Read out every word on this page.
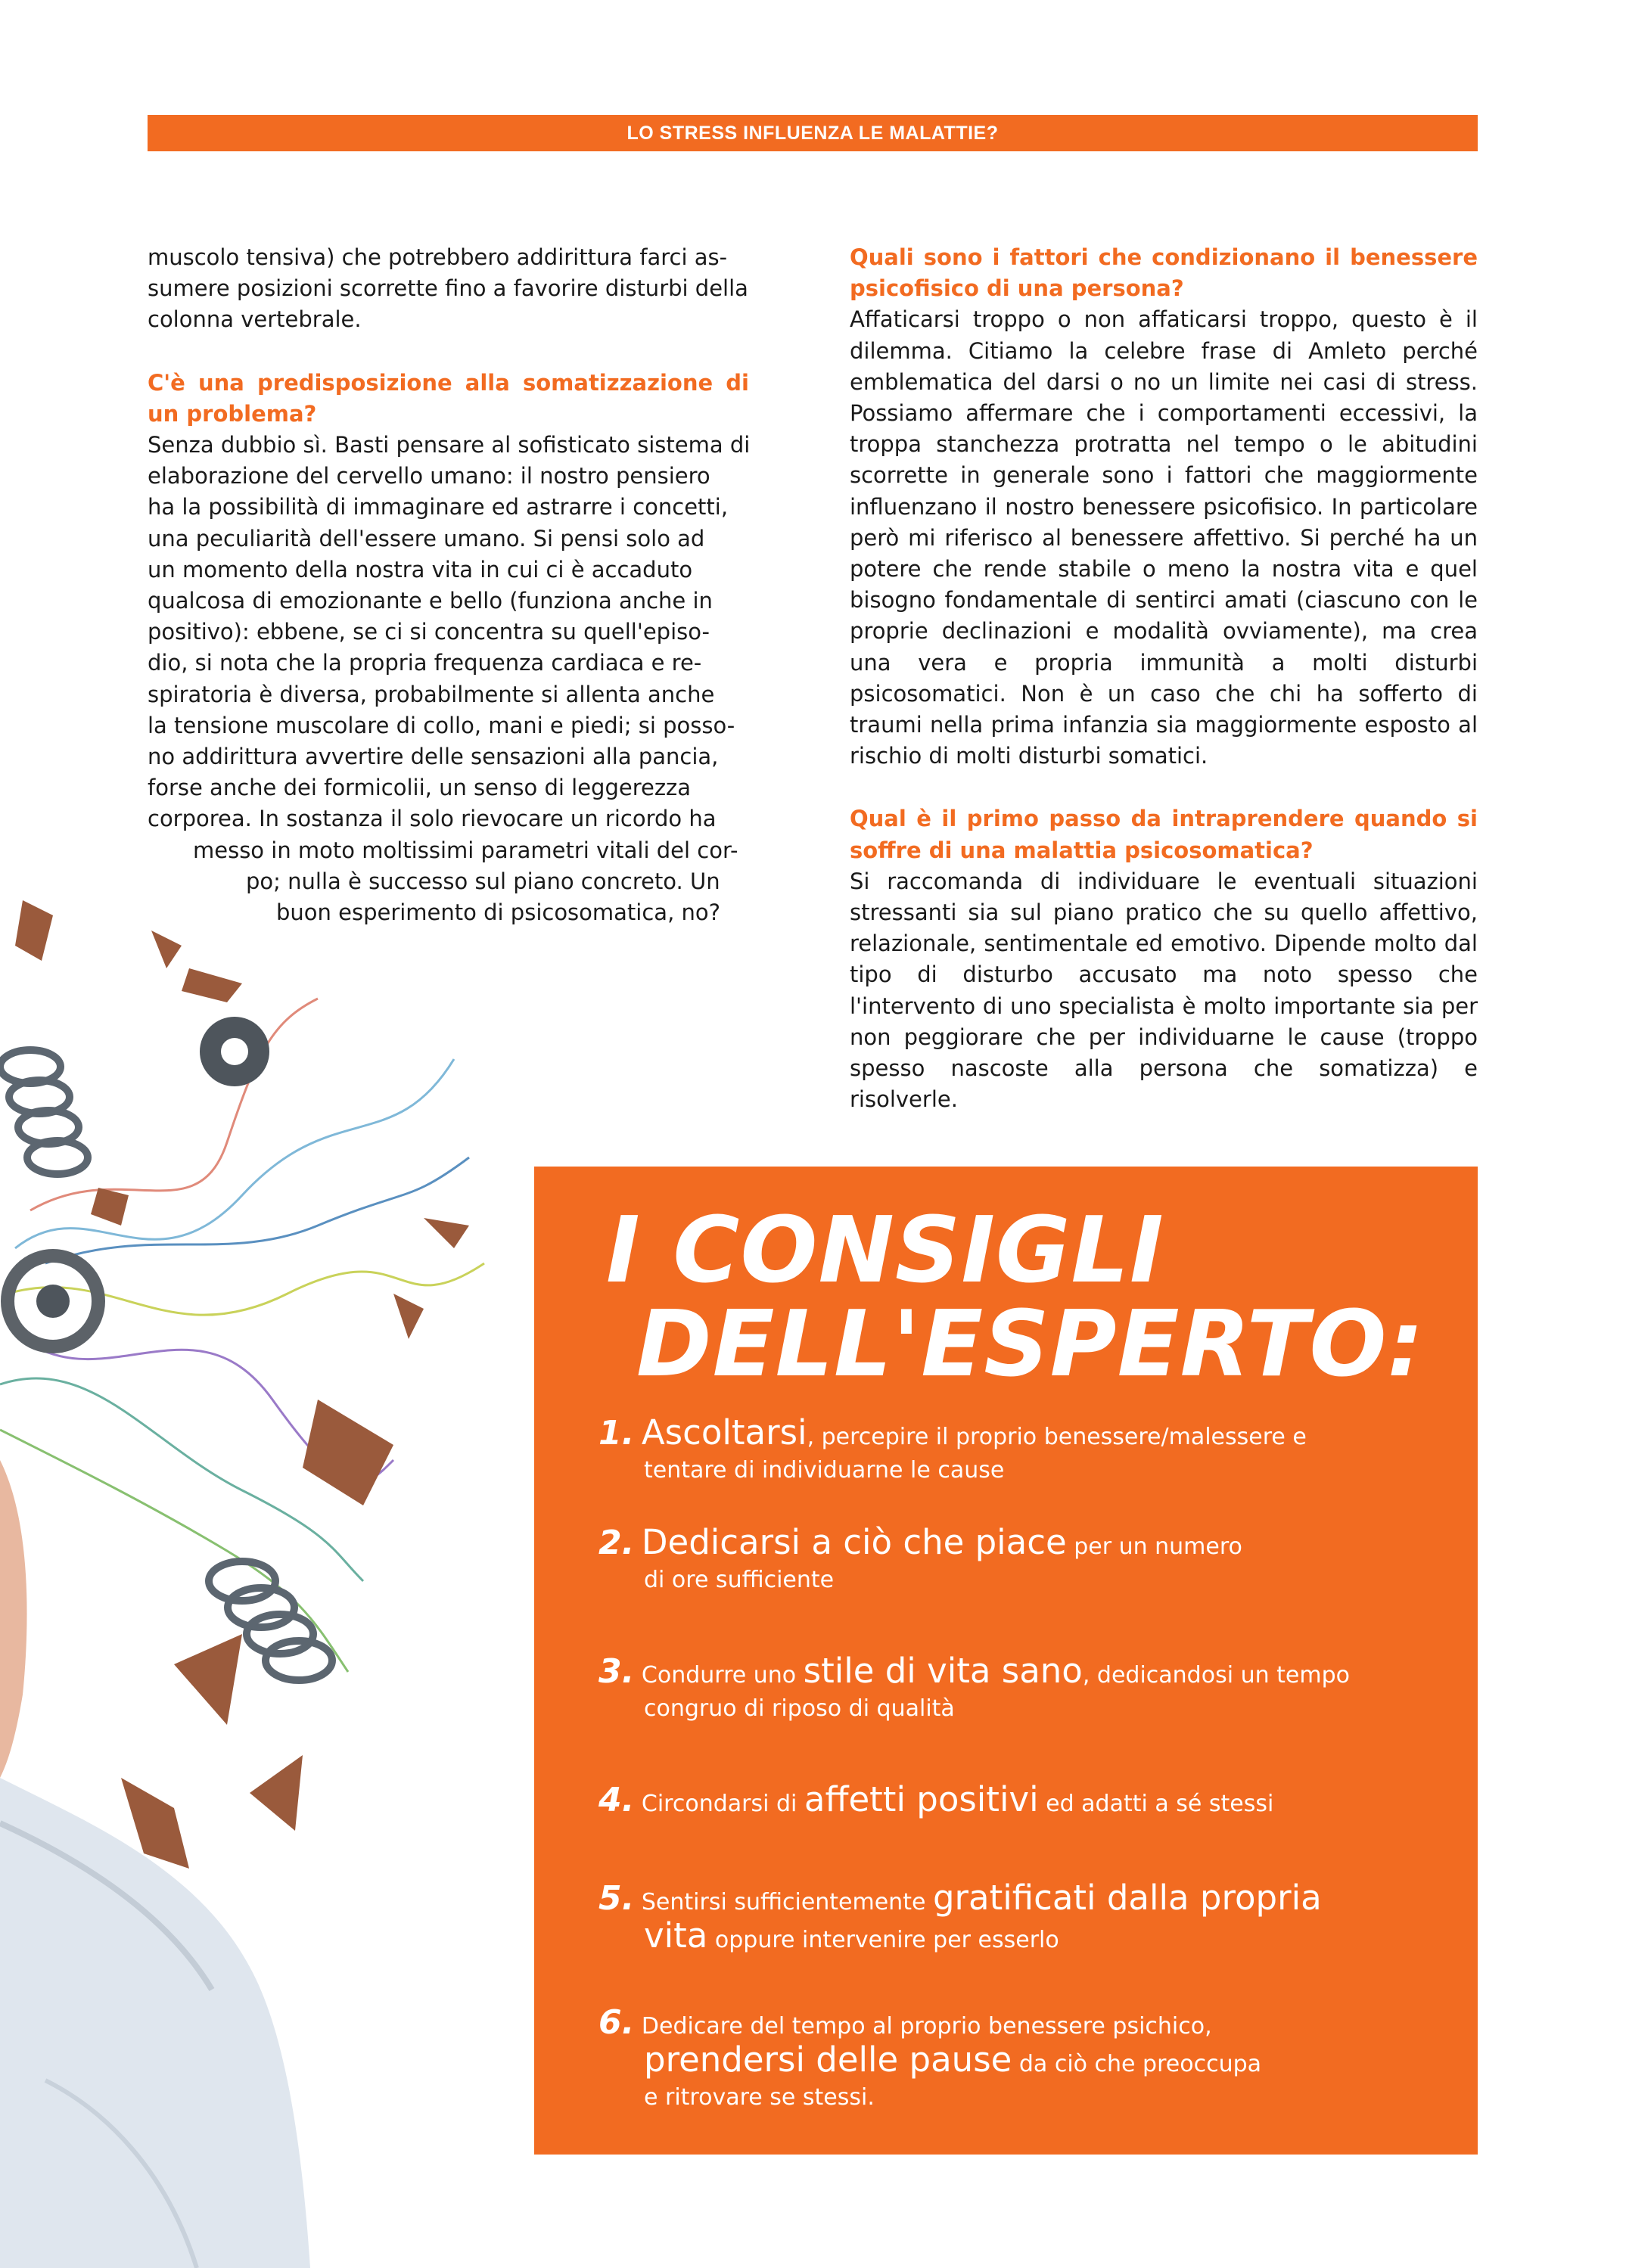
LO STRESS INFLUENZA LE MALATTIE?
muscolo tensiva) che potrebbero addirittura farci as-
sumere posizioni scorrette fino a favorire disturbi della
colonna vertebrale.

C'è una predisposizione alla somatizzazione di un problema?

Senza dubbio sì. Basti pensare al sofisticato sistema di
elaborazione del cervello umano: il nostro pensiero
ha la possibilità di immaginare ed astrarre i concetti,
una peculiarità dell'essere umano. Si pensi solo ad
un momento della nostra vita in cui ci è accaduto
qualcosa di emozionante e bello (funziona anche in
positivo): ebbene, se ci si concentra su quell'episo-
dio, si nota che la propria frequenza cardiaca e re-
spiratoria è diversa, probabilmente si allenta anche
la tensione muscolare di collo, mani e piedi; si posso-
no addirittura avvertire delle sensazioni alla pancia,
forse anche dei formicolii, un senso di leggerezza
corporea. In sostanza il solo rievocare un ricordo ha
messo in moto moltissimi parametri vitali del cor-
po; nulla è successo sul piano concreto. Un
buon esperimento di psicosomatica, no?

Quali sono i fattori che condizionano il benessere psicofisico di una persona?

Affaticarsi troppo o non affaticarsi troppo, questo è il dilemma. Citiamo la celebre frase di Amleto perché emblematica del darsi o no un limite nei casi di stress. Possiamo affermare che i comportamenti eccessivi, la troppa stanchezza protratta nel tempo o le abitudini scorrette in generale sono i fattori che maggiormente influenzano il nostro benessere psicofisico. In particolare però mi riferisco al benessere affettivo. Si perché ha un potere che rende stabile o meno la nostra vita e quel bisogno fondamentale di sentirci amati (ciascuno con le proprie declinazioni e modalità ovviamente), ma crea una vera e propria immunità a molti disturbi psicosomatici. Non è un caso che chi ha sofferto di traumi nella prima infanzia sia maggiormente esposto al rischio di molti disturbi somatici.

Qual è il primo passo da intraprendere quando si soffre di una malattia psicosomatica?

Si raccomanda di individuare le eventuali situazioni stressanti sia sul piano pratico che su quello affettivo, relazionale, sentimentale ed emotivo. Dipende molto dal tipo di disturbo accusato ma noto spesso che l'intervento di uno specialista è molto importante sia per non peggiorare che per individuarne le cause (troppo spesso nascoste alla persona che somatizza) e risolverle.

I CONSIGLI
DELL'ESPERTO:
1. Ascoltarsi, percepire il proprio benessere/malessere e
tentare di individuarne le cause
2. Dedicarsi a ciò che piace per un numero
di ore sufficiente
3. Condurre uno stile di vita sano, dedicandosi un tempo
congruo di riposo di qualità
4. Circondarsi di affetti positivi ed adatti a sé stessi
5. Sentirsi sufficientemente gratificati dalla propria
vita oppure intervenire per esserlo
6. Dedicare del tempo al proprio benessere psichico,
prendersi delle pause da ciò che preoccupa
e ritrovare se stessi.
